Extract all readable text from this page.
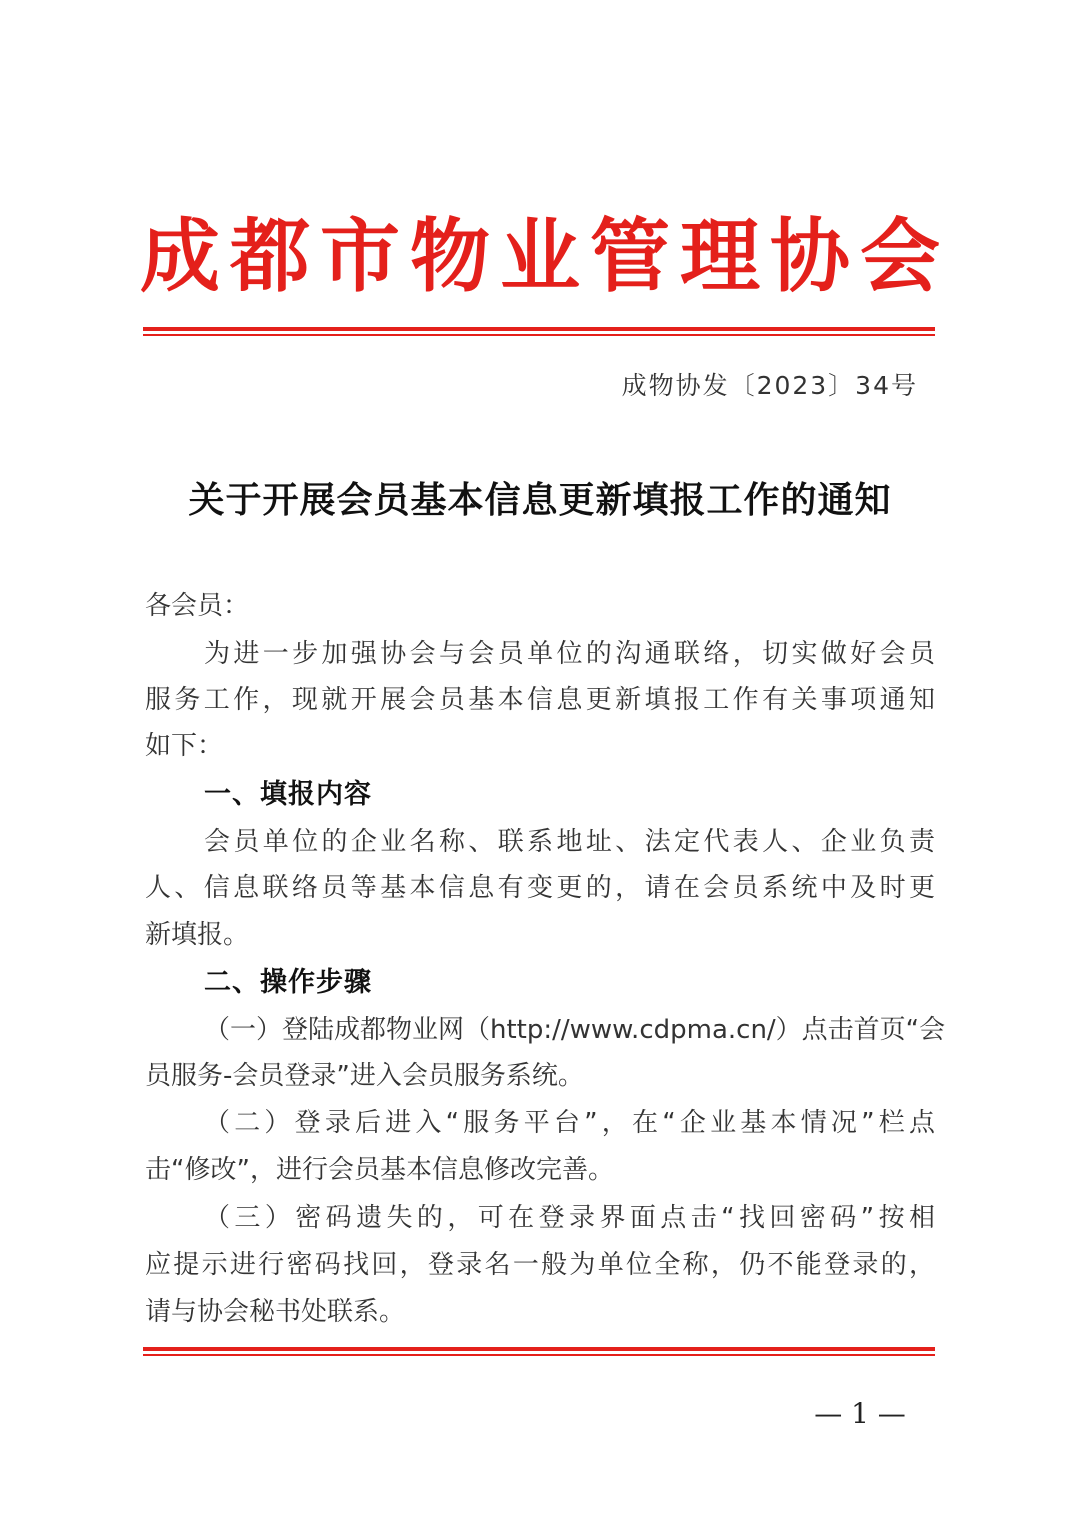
成都市物业管理协会
成物协发〔2023〕34号
关于开展会员基本信息更新填报工作的通知
各会员：
为进一步加强协会与会员单位的沟通联络，切实做好会员
服务工作，现就开展会员基本信息更新填报工作有关事项通知
如下：
一、填报内容
会员单位的企业名称、联系地址、法定代表人、企业负责
人、信息联络员等基本信息有变更的，请在会员系统中及时更
新填报。
二、操作步骤
（一）登陆成都物业网（http://www.cdpma.cn/）点击首页“会
员服务-会员登录”进入会员服务系统。
（二）登录后进入“服务平台”，在“企业基本情况”栏点
击“修改”，进行会员基本信息修改完善。
（三）密码遗失的，可在登录界面点击“找回密码”按相
应提示进行密码找回，登录名一般为单位全称，仍不能登录的，
请与协会秘书处联系。
— 1 —
